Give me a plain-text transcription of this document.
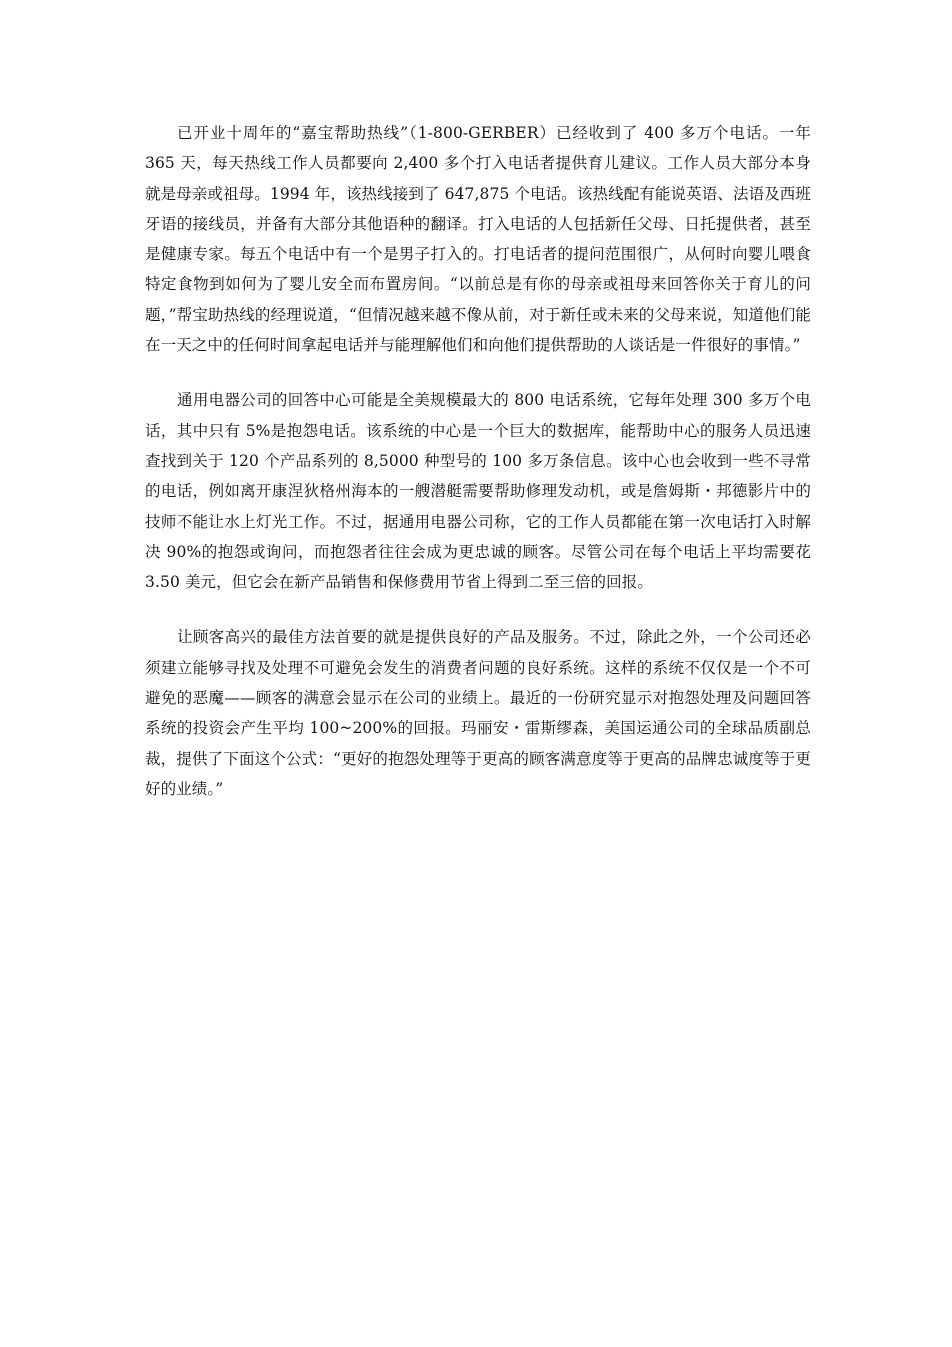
已开业十周年的“嘉宝帮助热线”（1-800-GERBER）已经收到了 400 多万个电话。一年 365 天，每天热线工作人员都要向 2,400 多个打入电话者提供育儿建议。工作人员大部分本身就是母亲或祖母。1994 年，该热线接到了 647,875 个电话。该热线配有能说英语、法语及西班牙语的接线员，并备有大部分其他语种的翻译。打入电话的人包括新任父母、日托提供者，甚至是健康专家。每五个电话中有一个是男子打入的。打电话者的提问范围很广，从何时向婴儿喂食特定食物到如何为了婴儿安全而布置房间。“以前总是有你的母亲或祖母来回答你关于育儿的问题，”帮宝助热线的经理说道，“但情况越来越不像从前，对于新任或未来的父母来说，知道他们能在一天之中的任何时间拿起电话并与能理解他们和向他们提供帮助的人谈话是一件很好的事情。”

通用电器公司的回答中心可能是全美规模最大的 800 电话系统，它每年处理 300 多万个电话，其中只有 5%是抱怨电话。该系统的中心是一个巨大的数据库，能帮助中心的服务人员迅速查找到关于 120 个产品系列的 8,5000 种型号的 100 多万条信息。该中心也会收到一些不寻常的电话，例如离开康涅狄格州海本的一艘潜艇需要帮助修理发动机，或是詹姆斯・邦德影片中的技师不能让水上灯光工作。不过，据通用电器公司称，它的工作人员都能在第一次电话打入时解决 90%的抱怨或询问，而抱怨者往往会成为更忠诚的顾客。尽管公司在每个电话上平均需要花 3.50 美元，但它会在新产品销售和保修费用节省上得到二至三倍的回报。

让顾客高兴的最佳方法首要的就是提供良好的产品及服务。不过，除此之外，一个公司还必须建立能够寻找及处理不可避免会发生的消费者问题的良好系统。这样的系统不仅仅是一个不可避免的恶魔——顾客的满意会显示在公司的业绩上。最近的一份研究显示对抱怨处理及问题回答系统的投资会产生平均 100~200%的回报。玛丽安・雷斯缪森，美国运通公司的全球品质副总裁，提供了下面这个公式：“更好的抱怨处理等于更高的顾客满意度等于更高的品牌忠诚度等于更好的业绩。”
